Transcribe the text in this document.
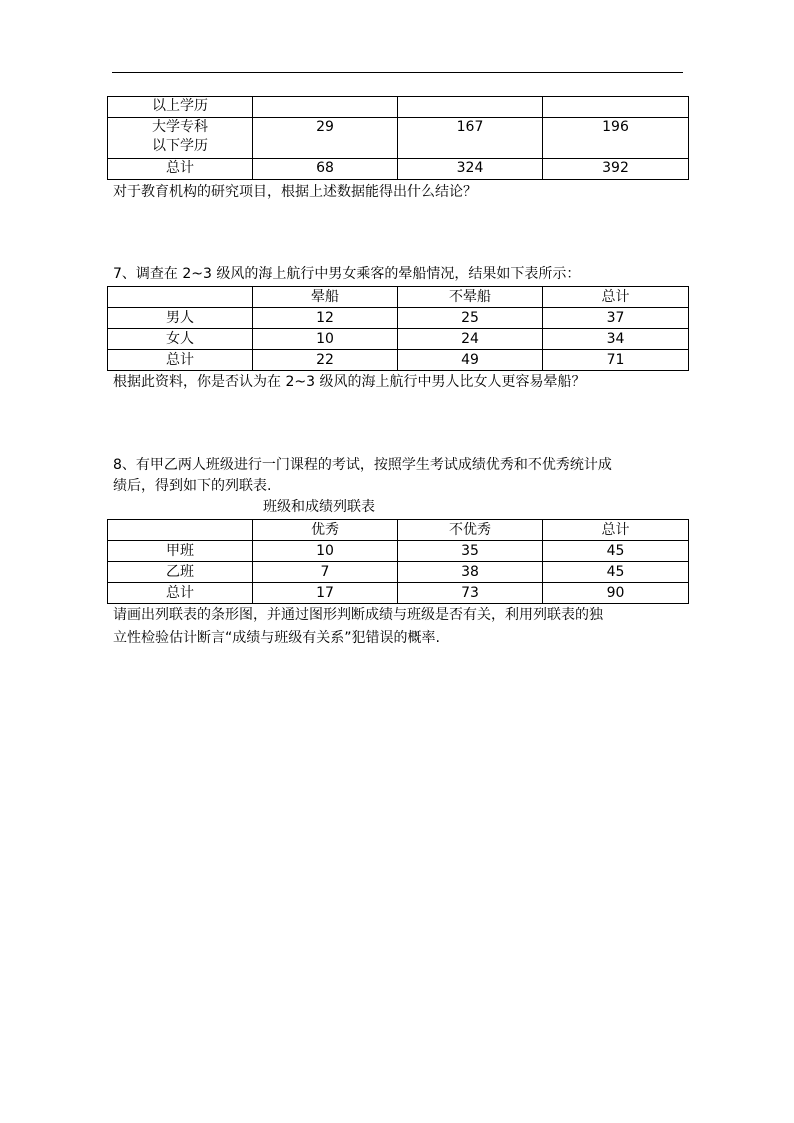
以上学历			

大学专科
以下学历	29	167	196
总计	68	324	392
对于教育机构的研究项目，根据上述数据能得出什么结论？
7、调查在 2~3 级风的海上航行中男女乘客的晕船情况，结果如下表所示：
	晕船	不晕船	总计
男人	12	25	37
女人	10	24	34
总计	22	49	71
根据此资料，你是否认为在 2~3 级风的海上航行中男人比女人更容易晕船？
8、有甲乙两人班级进行一门课程的考试，按照学生考试成绩优秀和不优秀统计成
绩后，得到如下的列联表.
班级和成绩列联表
	优秀	不优秀	总计
甲班	10	35	45
乙班	7	38	45
总计	17	73	90
请画出列联表的条形图，并通过图形判断成绩与班级是否有关，利用列联表的独
立性检验估计断言“成绩与班级有关系”犯错误的概率.
